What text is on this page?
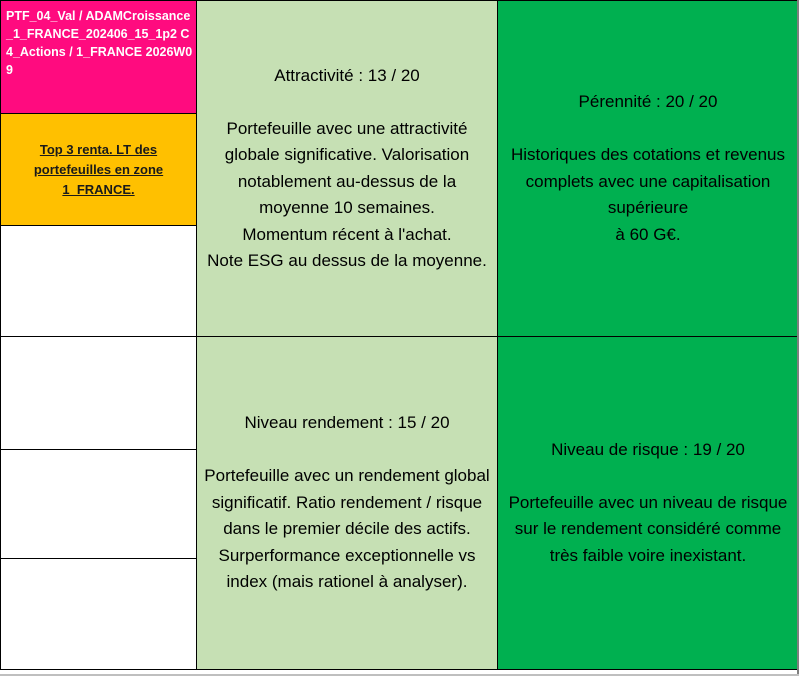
PTF_04_Val / ADAMCroissance_1_FRANCE_202406_15_1p2 C4_Actions / 1_FRANCE 2026W09
Top 3 renta. LT des portefeuilles en zone 1_FRANCE.
Attractivité : 13 / 20

Portefeuille avec une attractivité globale significative. Valorisation notablement au-dessus de la moyenne 10 semaines.
Momentum récent à l'achat.
Note ESG au dessus de la moyenne.
Pérennité : 20 / 20

Historiques des cotations et revenus complets avec une capitalisation supérieure
à 60 G€.
Niveau rendement : 15 / 20

Portefeuille avec un rendement global significatif. Ratio rendement / risque dans le premier décile des actifs.
Surperformance exceptionnelle vs index (mais rationel à analyser).
Niveau de risque : 19 / 20

Portefeuille avec un niveau de risque sur le rendement considéré comme très faible voire inexistant.
